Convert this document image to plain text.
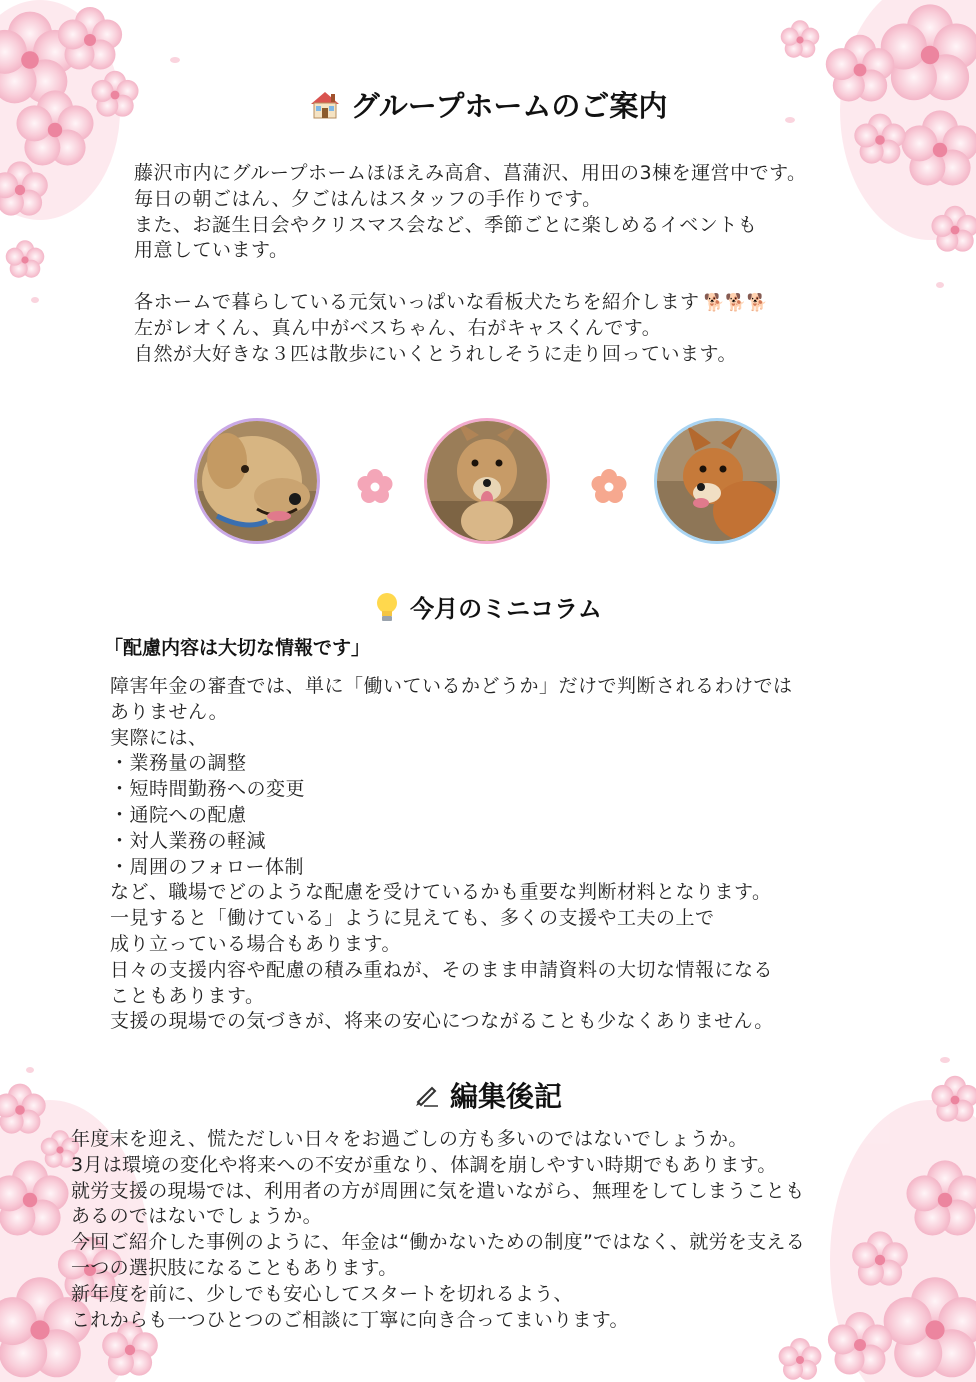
グループホームのご案内
藤沢市内にグループホームほほえみ高倉、菖蒲沢、用田の3棟を運営中です。
毎日の朝ごはん、夕ごはんはスタッフの手作りです。
また、お誕生日会やクリスマス会など、季節ごとに楽しめるイベントも
用意しています。
各ホームで暮らしている元気いっぱいな看板犬たちを紹介します 🐕🐕🐕
左がレオくん、真ん中がベスちゃん、右がキャスくんです。
自然が大好きな３匹は散歩にいくとうれしそうに走り回っています。
今月のミニコラム
「配慮内容は大切な情報です」
障害年金の審査では、単に「働いているかどうか」だけで判断されるわけでは
ありません。
実際には、
・業務量の調整
・短時間勤務への変更
・通院への配慮
・対人業務の軽減
・周囲のフォロー体制
など、職場でどのような配慮を受けているかも重要な判断材料となります。
一見すると「働けている」ように見えても、多くの支援や工夫の上で
成り立っている場合もあります。
日々の支援内容や配慮の積み重ねが、そのまま申請資料の大切な情報になる
こともあります。
支援の現場での気づきが、将来の安心につながることも少なくありません。
編集後記
年度末を迎え、慌ただしい日々をお過ごしの方も多いのではないでしょうか。
3月は環境の変化や将来への不安が重なり、体調を崩しやすい時期でもあります。
就労支援の現場では、利用者の方が周囲に気を遣いながら、無理をしてしまうことも
あるのではないでしょうか。
今回ご紹介した事例のように、年金は“働かないための制度”ではなく、就労を支える
一つの選択肢になることもあります。
新年度を前に、少しでも安心してスタートを切れるよう、
これからも一つひとつのご相談に丁寧に向き合ってまいります。
